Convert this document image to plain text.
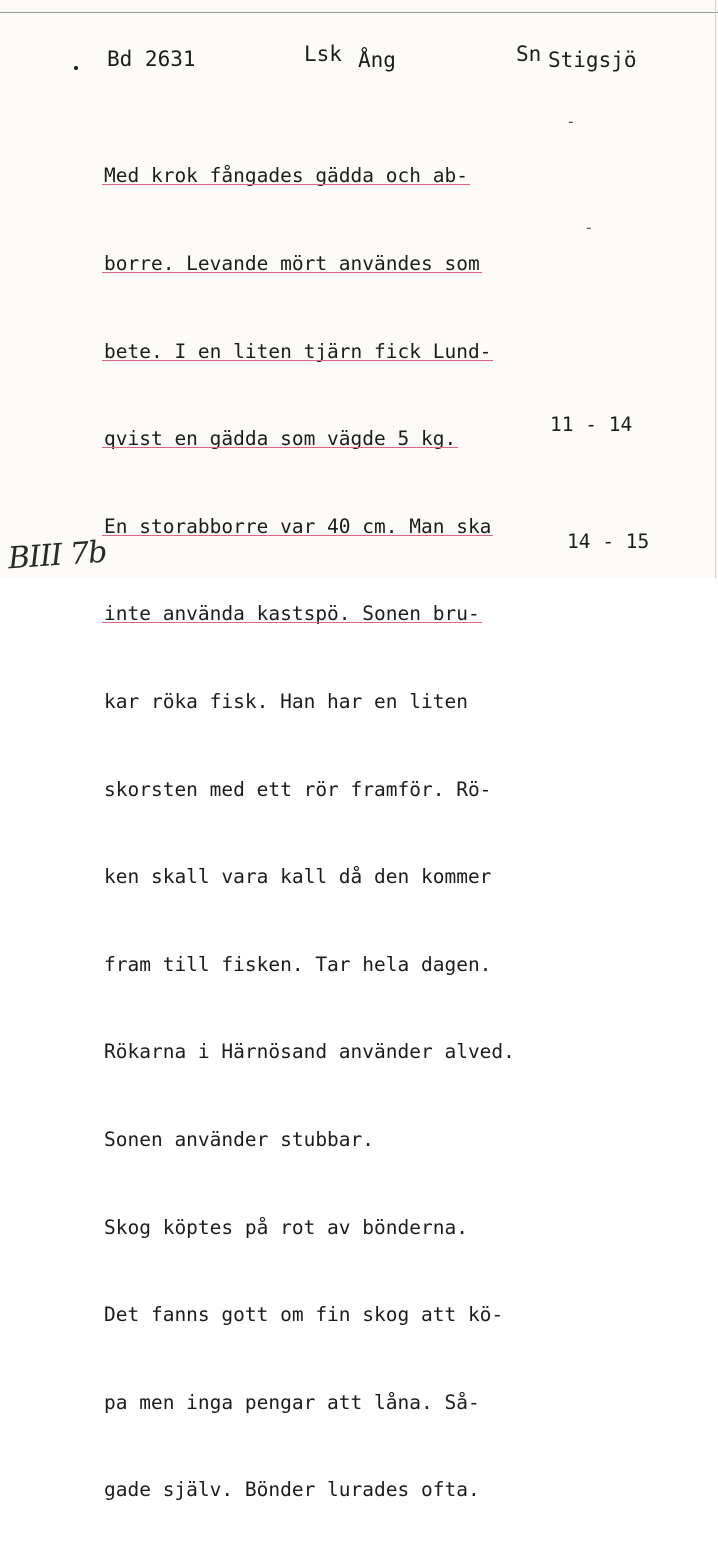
Bd 2631	Lsk Ång	Sn Stigsjö

Med krok fångades gädda och ab-

borre. Levande mört användes som

bete. I en liten tjärn fick Lund-

qvist en gädda som vägde 5 kg.

En storabborre var 40 cm. Man ska

inte använda kastspö. Sonen bru-

kar röka fisk. Han har en liten

skorsten med ett rör framför. Rö-

ken skall vara kall då den kommer

fram till fisken. Tar hela dagen.

Rökarna i Härnösand använder alved.

Sonen använder stubbar.

Skog köptes på rot av bönderna.

Det fanns gott om fin skog att kö-

pa men inga pengar att låna. Så-

gade själv. Bönder lurades ofta.

-
-
11 - 14
14 - 15
BIII 7b
